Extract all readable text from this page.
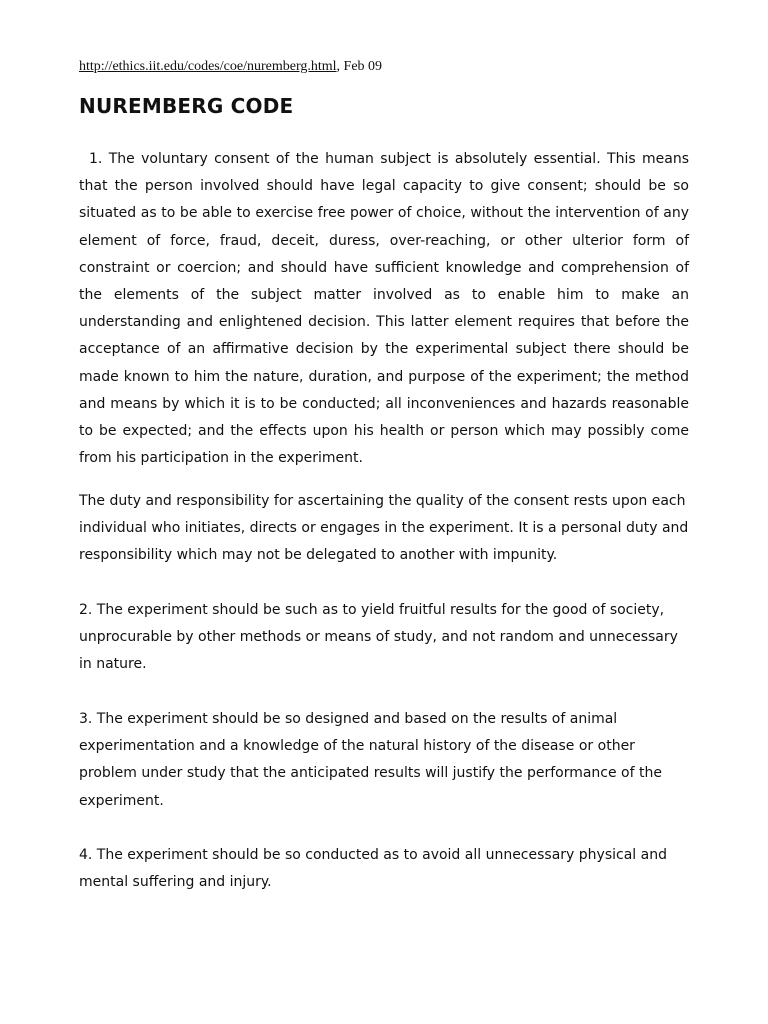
http://ethics.iit.edu/codes/coe/nuremberg.html, Feb 09
NUREMBERG CODE

1. The voluntary consent of the human subject is absolutely essential. This means that the person involved should have legal capacity to give consent; should be so situated as to be able to exercise free power of choice, without the intervention of any element of force, fraud, deceit, duress, over-reaching, or other ulterior form of constraint or coercion; and should have sufficient knowledge and comprehension of the elements of the subject matter involved as to enable him to make an understanding and enlightened decision. This latter element requires that before the acceptance of an affirmative decision by the experimental subject there should be made known to him the nature, duration, and purpose of the experiment; the method and means by which it is to be conducted; all inconveniences and hazards reasonable to be expected; and the effects upon his health or person which may possibly come from his participation in the experiment.

The duty and responsibility for ascertaining the quality of the consent rests upon each individual who initiates, directs or engages in the experiment. It is a personal duty and responsibility which may not be delegated to another with impunity.

2. The experiment should be such as to yield fruitful results for the good of society, unprocurable by other methods or means of study, and not random and unnecessary in nature.

3. The experiment should be so designed and based on the results of animal experimentation and a knowledge of the natural history of the disease or other problem under study that the anticipated results will justify the performance of the experiment.

4. The experiment should be so conducted as to avoid all unnecessary physical and mental suffering and injury.
